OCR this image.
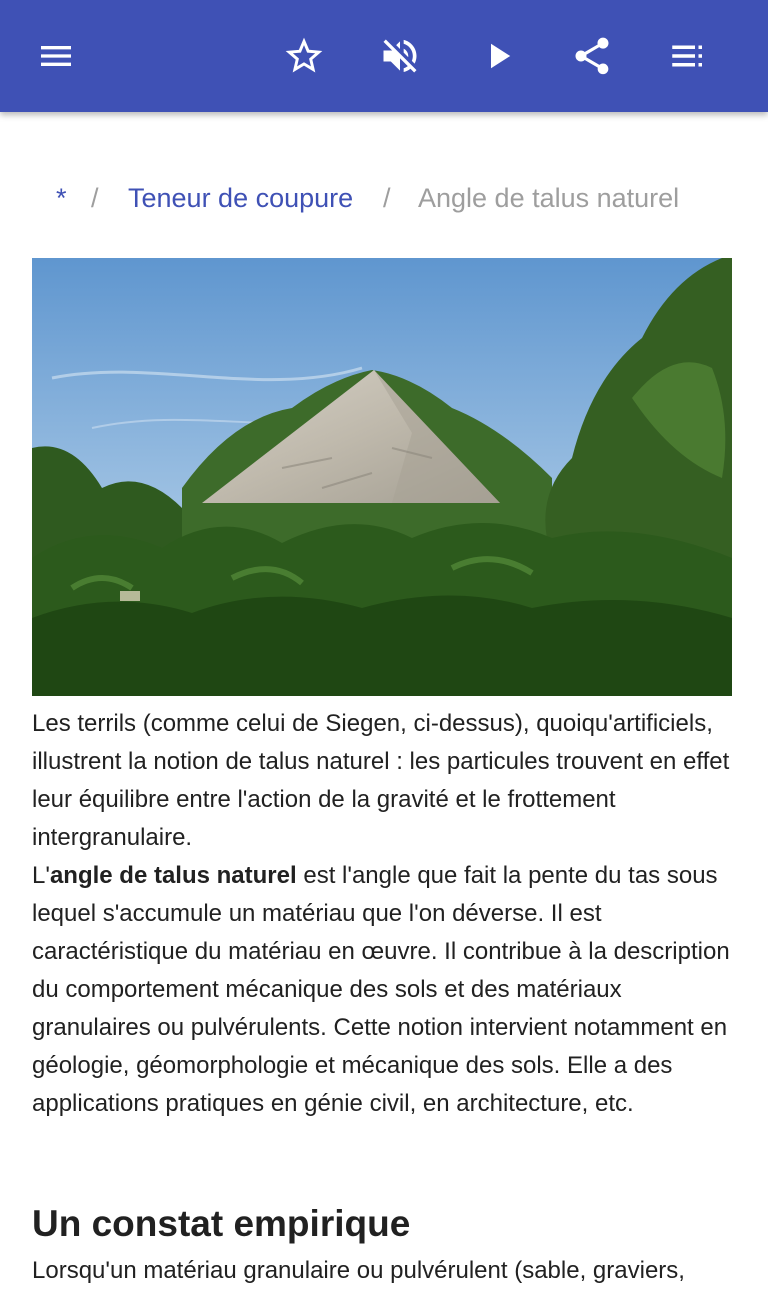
* / Teneur de coupure / Angle de talus naturel

Les terrils (comme celui de Siegen, ci-dessus), quoiqu'artificiels, illustrent la notion de talus naturel : les particules trouvent en effet leur équilibre entre l'action de la gravité et le frottement intergranulaire.

L'angle de talus naturel est l'angle que fait la pente du tas sous lequel s'accumule un matériau que l'on déverse. Il est caractéristique du matériau en œuvre. Il contribue à la description du comportement mécanique des sols et des matériaux granulaires ou pulvérulents. Cette notion intervient notamment en géologie, géomorphologie et mécanique des sols. Elle a des applications pratiques en génie civil, en architecture, etc.

Un constat empirique
Lorsqu'un matériau granulaire ou pulvérulent (sable, graviers,
